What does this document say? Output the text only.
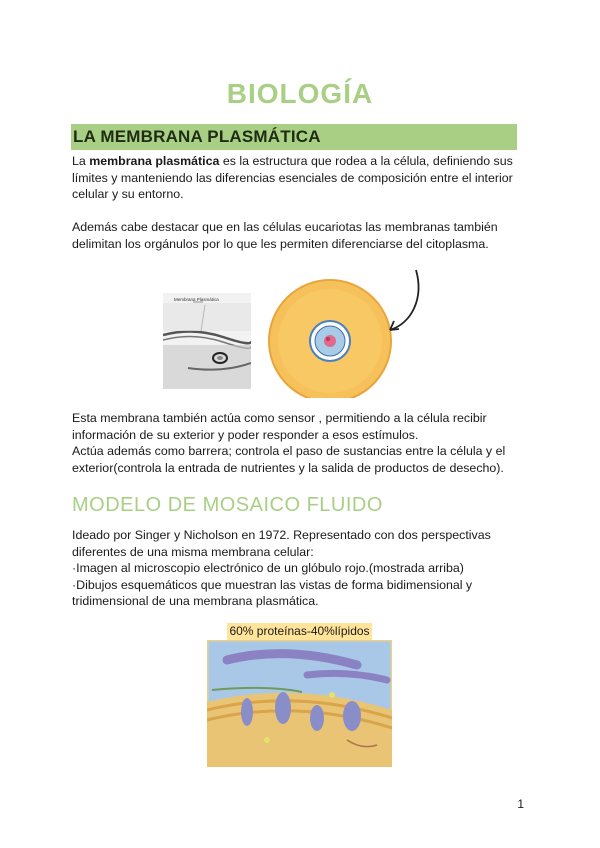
BIOLOGÍA
LA MEMBRANA PLASMÁTICA

La membrana plasmática es la estructura que rodea a la célula, definiendo sus límites y manteniendo las diferencias esenciales de composición entre el interior celular y su entorno.

Además cabe destacar que en las células eucariotas las membranas también delimitan los orgánulos por lo que les permiten diferenciarse del citoplasma.

Membrana Plasmática

Esta membrana también actúa como sensor , permitiendo a la célula recibir información de su exterior y poder responder a esos estímulos.
Actúa además como barrera; controla el paso de sustancias entre la célula y el exterior(controla la entrada de nutrientes y la salida de productos de desecho).

MODELO DE MOSAICO FLUIDO

Ideado por Singer y Nicholson en 1972. Representado con dos perspectivas diferentes de una misma membrana celular:
·Imagen al microscopio electrónico de un glóbulo rojo.(mostrada arriba)
·Dibujos esquemáticos que muestran las vistas de forma bidimensional y tridimensional de una membrana plasmática.

60% proteínas-40%lípidos
1
